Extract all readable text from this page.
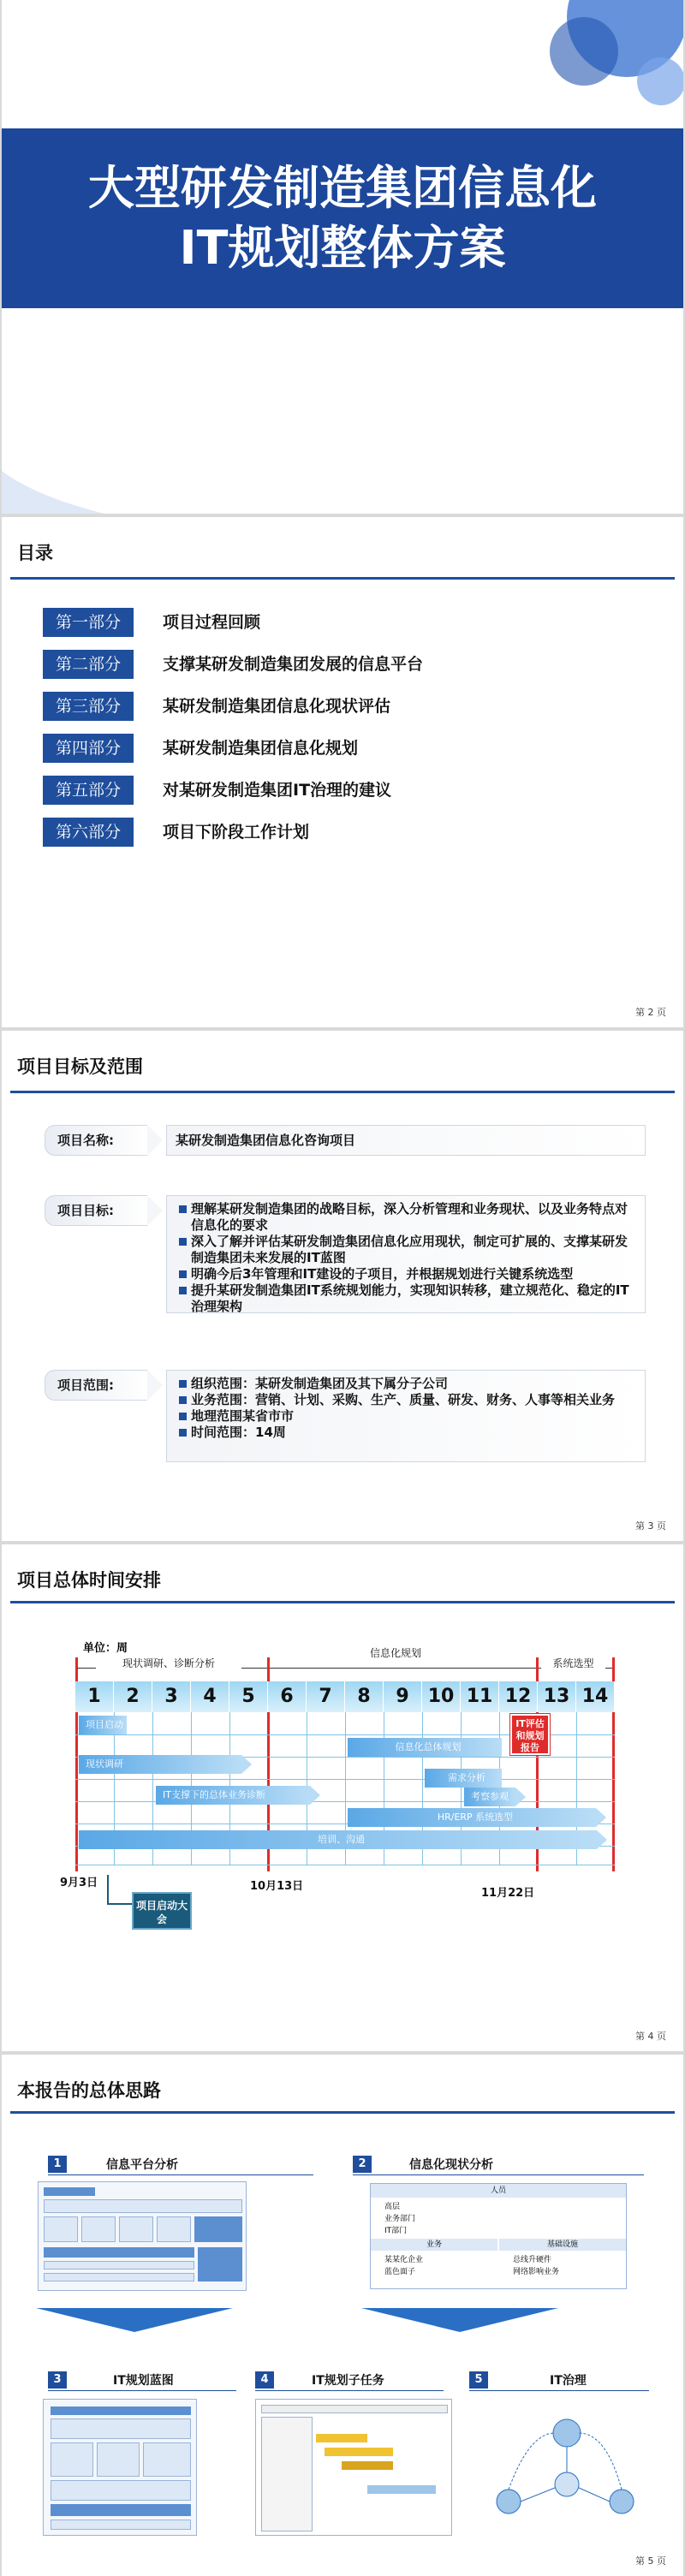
大型研发制造集团信息化
IT规划整体方案
目录
第一部分	项目过程回顾
第二部分	支撑某研发制造集团发展的信息平台
第三部分	某研发制造集团信息化现状评估
第四部分	某研发制造集团信息化规划
第五部分	对某研发制造集团IT治理的建议
第六部分	项目下阶段工作计划
第 2 页
项目目标及范围
项目名称:	某研发制造集团信息化咨询项目

项目目标:	理解某研发制造集团的战略目标，深入分析管理和业务现状、以及业务特点对信息化的要求

深入了解并评估某研发制造集团信息化应用现状，制定可扩展的、支撑某研发制造集团未来发展的IT蓝图

明确今后3年管理和IT建设的子项目，并根据规划进行关键系统选型

提升某研发制造集团IT系统规划能力，实现知识转移，建立规范化、稳定的IT治理架构

项目范围:	组织范围：某研发制造集团及其下属分子公司

业务范围：营销、计划、采购、生产、质量、研发、财务、人事等相关业务

地理范围某省市市

时间范围：14周

第 3 页
项目总体时间安排
单位：周
现状调研、诊断分析
信息化规划
系统选型
1	2	3	4	5	6	7	8	9	10 11 12 13 14
项目启动
现状调研
IT支撑下的总体业务诊断
信息化总体规划
需求分析
考察参观
HR/ERP 系统选型
培训、沟通
IT评估和规划报告
9月3日	10月13日
11月22日
项目启动大会
第 4 页
本报告的总体思路
1	信息平台分析	2	信息化现状分析
人员
高层
业务部门
IT部门
业务	基础设施
某某化企业
蓝色面子
总线升硬件
网络影响业务
3	IT规划蓝图	4	IT规划子任务	5	IT治理
第 5 页
